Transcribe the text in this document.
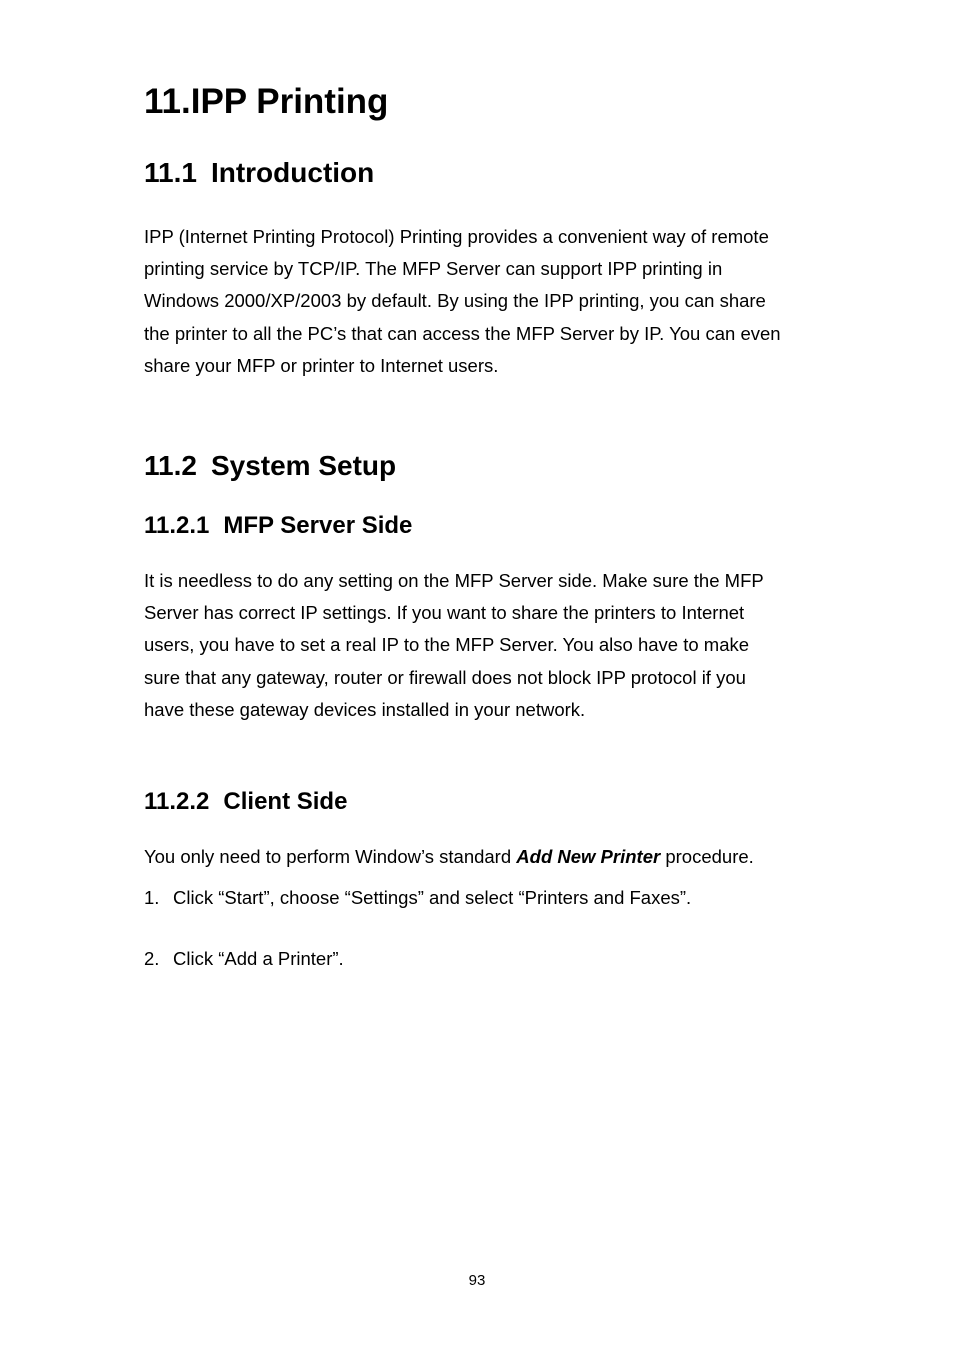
11.IPP Printing
11.1 Introduction

IPP (Internet Printing Protocol) Printing provides a convenient way of remote
printing service by TCP/IP. The MFP Server can support IPP printing in
Windows 2000/XP/2003 by default. By using the IPP printing, you can share
the printer to all the PC’s that can access the MFP Server by IP. You can even
share your MFP or printer to Internet users.

11.2 System Setup
11.2.1 MFP Server Side

It is needless to do any setting on the MFP Server side. Make sure the MFP
Server has correct IP settings. If you want to share the printers to Internet
users, you have to set a real IP to the MFP Server. You also have to make
sure that any gateway, router or firewall does not block IPP protocol if you
have these gateway devices installed in your network.

11.2.2 Client Side

You only need to perform Window’s standard Add New Printer procedure.

1. Click “Start”, choose “Settings” and select “Printers and Faxes”.

2. Click “Add a Printer”.

93
